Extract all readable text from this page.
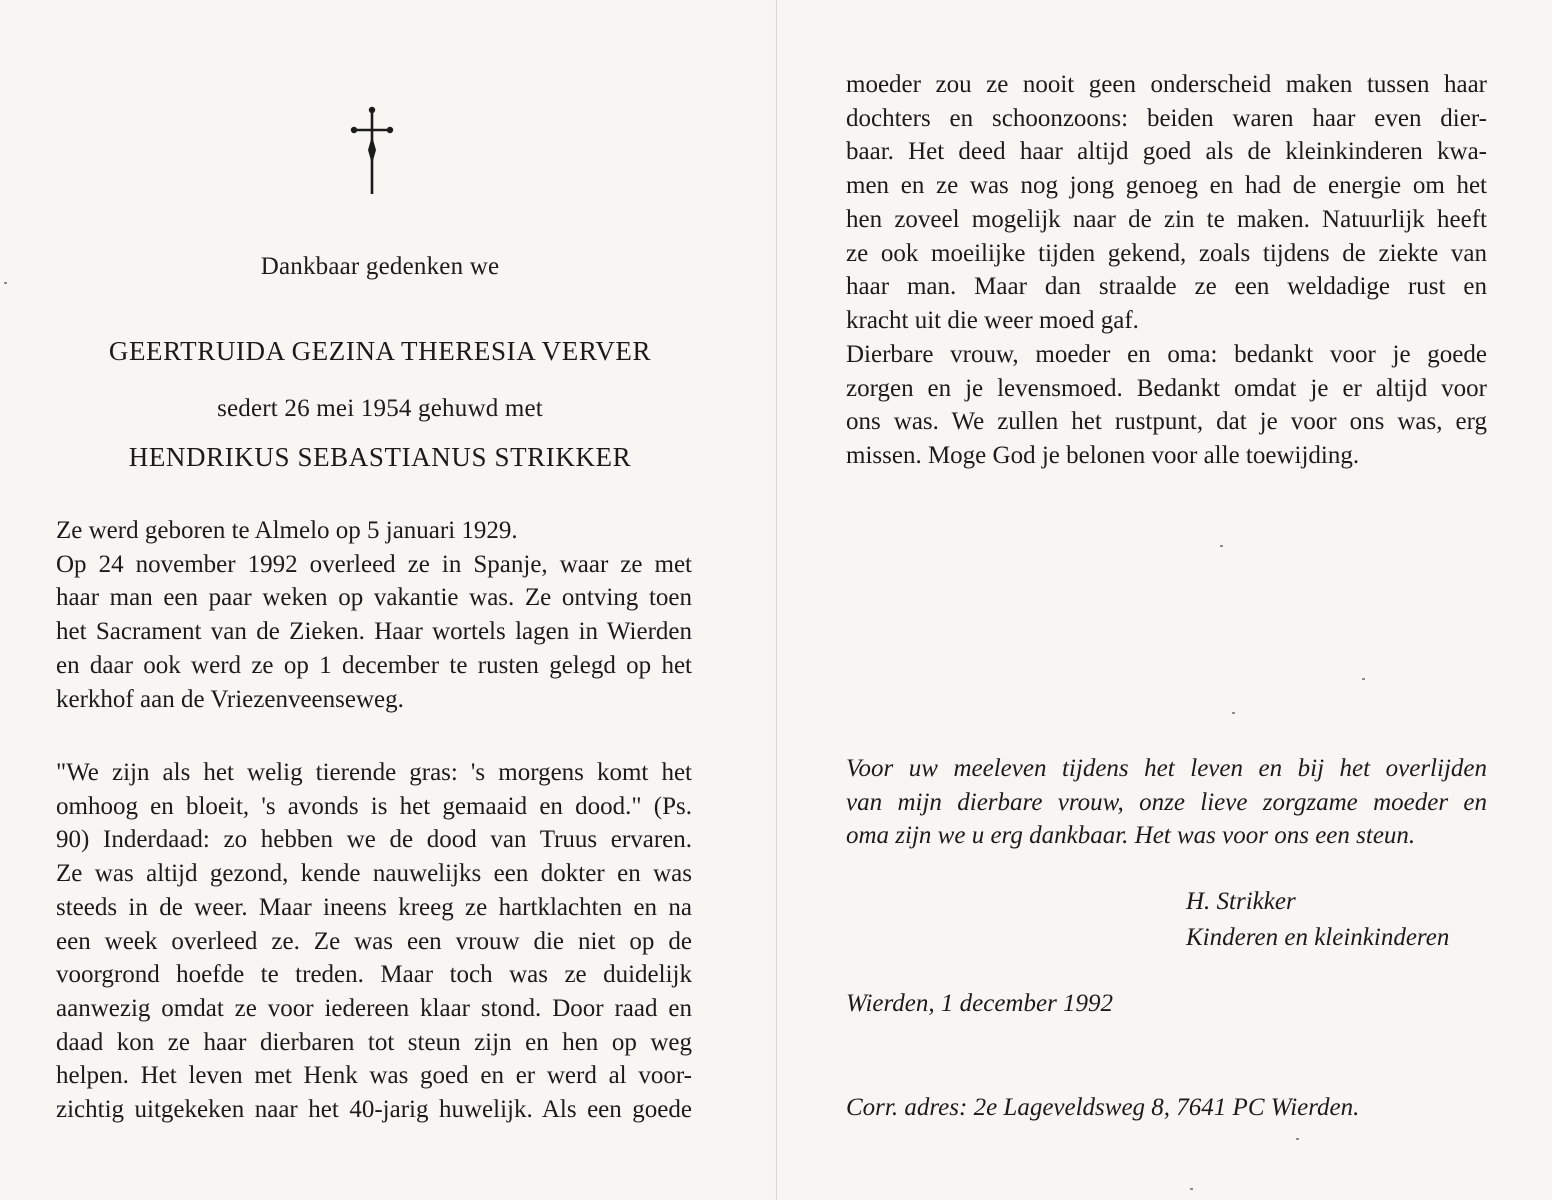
Dankbaar gedenken we
GEERTRUIDA GEZINA THERESIA VERVER
sedert 26 mei 1954 gehuwd met
HENDRIKUS SEBASTIANUS STRIKKER
Ze werd geboren te Almelo op 5 januari 1929.
Op 24 november 1992 overleed ze in Spanje, waar ze met
haar man een paar weken op vakantie was. Ze ontving toen
het Sacrament van de Zieken. Haar wortels lagen in Wierden
en daar ook werd ze op 1 december te rusten gelegd op het
kerkhof aan de Vriezenveenseweg.
"We zijn als het welig tierende gras: 's morgens komt het
omhoog en bloeit, 's avonds is het gemaaid en dood." (Ps.
90) Inderdaad: zo hebben we de dood van Truus ervaren.
Ze was altijd gezond, kende nauwelijks een dokter en was
steeds in de weer. Maar ineens kreeg ze hartklachten en na
een week overleed ze. Ze was een vrouw die niet op de
voorgrond hoefde te treden. Maar toch was ze duidelijk
aanwezig omdat ze voor iedereen klaar stond. Door raad en
daad kon ze haar dierbaren tot steun zijn en hen op weg
helpen. Het leven met Henk was goed en er werd al voor-
zichtig uitgekeken naar het 40-jarig huwelijk. Als een goede
moeder zou ze nooit geen onderscheid maken tussen haar
dochters en schoonzoons: beiden waren haar even dier-
baar. Het deed haar altijd goed als de kleinkinderen kwa-
men en ze was nog jong genoeg en had de energie om het
hen zoveel mogelijk naar de zin te maken. Natuurlijk heeft
ze ook moeilijke tijden gekend, zoals tijdens de ziekte van
haar man. Maar dan straalde ze een weldadige rust en
kracht uit die weer moed gaf.
Dierbare vrouw, moeder en oma: bedankt voor je goede
zorgen en je levensmoed. Bedankt omdat je er altijd voor
ons was. We zullen het rustpunt, dat je voor ons was, erg
missen. Moge God je belonen voor alle toewijding.
Voor uw meeleven tijdens het leven en bij het overlijden
van mijn dierbare vrouw, onze lieve zorgzame moeder en
oma zijn we u erg dankbaar. Het was voor ons een steun.
H. Strikker
Kinderen en kleinkinderen
Wierden, 1 december 1992
Corr. adres: 2e Lageveldsweg 8, 7641 PC Wierden.
